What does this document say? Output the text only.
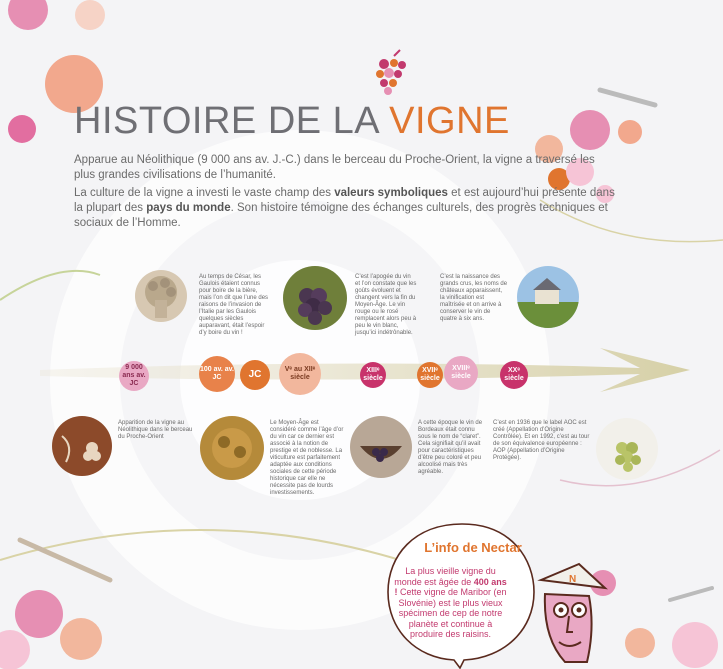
HISTOIRE DE LA VIGNE
Apparue au Néolithique (9 000 ans av. J.-C.) dans le berceau du Proche-Orient, la vigne a traversé les plus grandes civilisations de l’humanité.
La culture de la vigne a investi le vaste champ des valeurs symboliques et est aujourd’hui présente dans la plupart des pays du monde. Son histoire témoigne des échanges culturels, des progrès techniques et sociaux de l’Homme.
9 000 ans av. JC
100 av. av. JC	JC	Vᵉ au XIIᵉ siècle
XIIIᵉ siècle
XVIIᵉ siècle
XVIIIᵉ siècle
XXᵉ siècle
Au temps de César, les Gaulois étaient connus pour boire de la bière, mais l’on dit que l’une des raisons de l’invasion de l’Italie par les Gaulois quelques siècles auparavant, était l’espoir d’y boire du vin !
C’est l’apogée du vin et l’on constate que les goûts évoluent et changent vers la fin du Moyen-Âge. Le vin rouge ou le rosé remplacent alors peu à peu le vin blanc, jusqu’ici indétrônable.
C’est la naissance des grands crus, les noms de châteaux apparaissent, la vinification est maîtrisée et on arrive à conserver le vin de quatre à six ans.
Apparition de la vigne au Néolithique dans le berceau du Proche-Orient
Le Moyen-Âge est considéré comme l’âge d’or du vin car ce dernier est associé à la notion de prestige et de noblesse. La viticulture est parfaitement adaptée aux conditions sociales de cette période historique car elle ne nécessite pas de lourds investissements.
A cette époque le vin de Bordeaux était connu sous le nom de “claret”. Cela signifiait qu’il avait pour caractéristiques d’être peu coloré et peu alcoolisé mais très agréable.
C’est en 1936 que le label AOC est créé (Appellation d’Origine Contrôlée). Et en 1992, c’est au tour de son équivalence européenne : AOP (Appellation d’Origine Protégée).
L’info de Nectar
La plus vieille vigne du monde est âgée de 400 ans ! Cette vigne de Maribor (en Slovénie) est le plus vieux spécimen de cep de notre planète et continue à produire des raisins.
N
